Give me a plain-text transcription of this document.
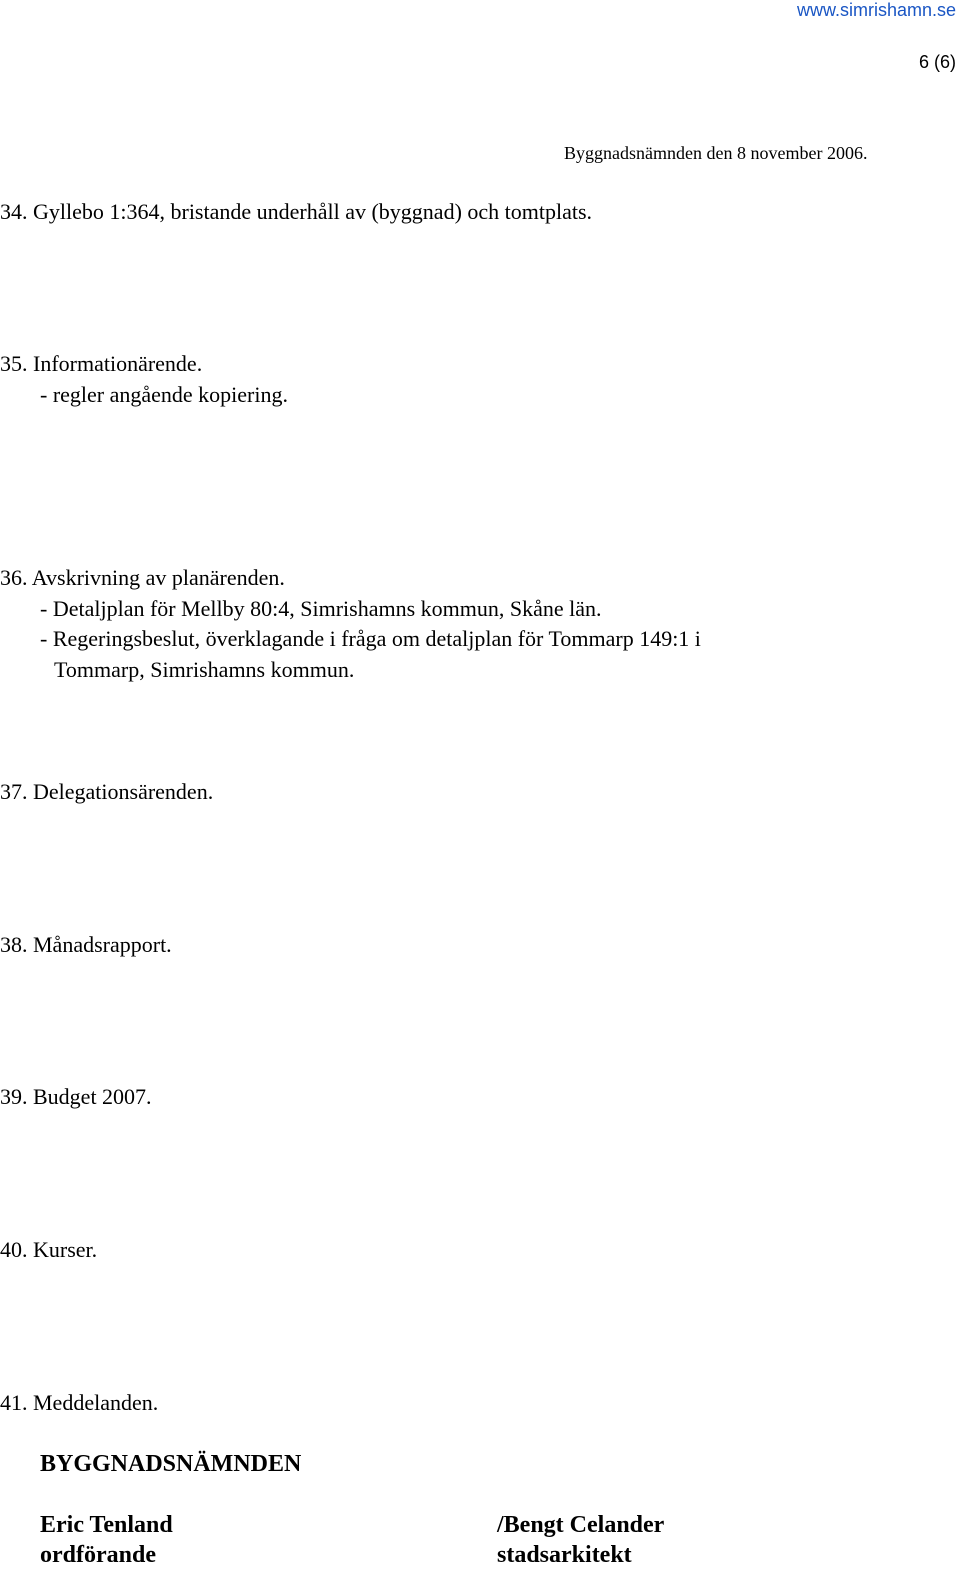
www.simrishamn.se
6 (6)
Byggnadsnämnden den 8 november 2006.
34. Gyllebo 1:364, bristande underhåll av (byggnad) och tomtplats.
35. Informationärende.
- regler angående kopiering.
36. Avskrivning av planärenden.
- Detaljplan för Mellby 80:4, Simrishamns kommun, Skåne län.
- Regeringsbeslut, överklagande i fråga om detaljplan för Tommarp 149:1 i
Tommarp, Simrishamns kommun.
37. Delegationsärenden.
38. Månadsrapport.
39. Budget 2007.
40. Kurser.
41. Meddelanden.
BYGGNADSNÄMNDEN
Eric Tenland
ordförande
/Bengt Celander
stadsarkitekt
